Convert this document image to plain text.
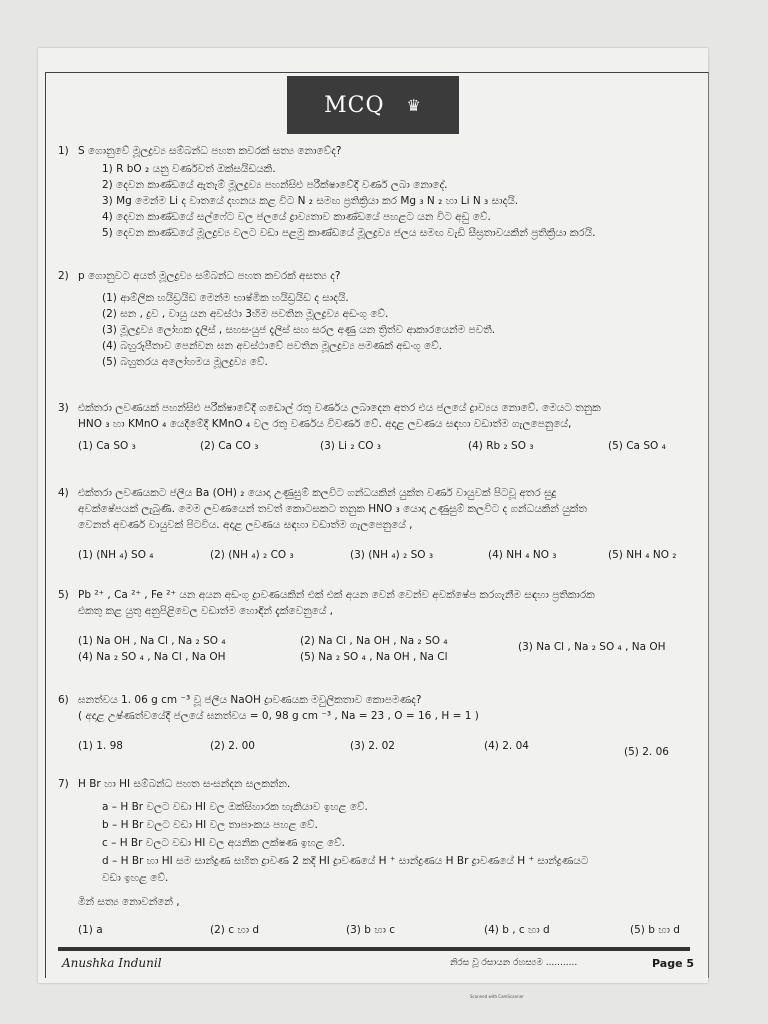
MCQ ♛
1) S ගොනුවේ මූලද්‍රව්‍ය සම්බන්ධ පහත කවරක් සත්‍ය නොවේද?
1) R bO ₂ යනු වර්ණවත් ඔක්සයිඩයකි.
2) දෙවන කාණ්ඩයේ ඇතැම් මූලද්‍රව්‍ය පහන්සිළු පරීක්ෂාවේදී වර්ණ ලබා නොදේ.
3) Mg මෙන්ම Li ද වාතයේ දහනය කළ විට N ₂ සමඟ ප්‍රතික්‍රියා කර Mg ₃ N ₂ හා Li N ₃ සාදයි.
4) දෙවන කාණ්ඩයේ සල්ෆේට වල ජලයේ ද්‍රාව්‍යතාව කාණ්ඩයේ පහළට යන විට අඩු වේ.
5) දෙවන කාණ්ඩයේ මූලද්‍රව්‍ය වලට වඩා පළමු කාණ්ඩයේ මූලද්‍රව්‍ය ජලය සමඟ වැඩි සීඝ්‍රතාවයකින් ප්‍රතික්‍රියා කරයි.
2) p ගොනුවට අයත් මූලද්‍රව්‍ය සම්බන්ධ පහත කවරක් අසත්‍ය ද?
(1) ආම්ලික හයිඩ්‍රයිඩ මෙන්ම භාෂ්මික හයිඩ්‍රයිඩ ද සාදයි.
(2) ඝන , ද්‍රව , වායු යන අවස්ථා 3හිම පවතින මූලද්‍රව්‍ය අඩංගු වේ.
(3) මූලද්‍රව්‍ය ලෝහක දැලිස් , සහසංයුජ දැලිස් සහ සරල අණු යන ත්‍රිත්ව ආකාරයෙන්ම පවතී.
(4) බහුරූපීතාව පෙන්වන ඝන අවස්ථාවේ පවතින මූලද්‍රව්‍ය පමණක් අඩංගු වේ.
(5) බහුතරය අලෝහමය මූලද්‍රව්‍ය වේ.
3) එක්තරා ලවණයක් පහන්සිළු පරීක්ෂාවේදී ගඩොල් රතු වර්ණය ලබාදෙන අතර එය ජලයේ ද්‍රාව්‍යය නොවේ. මෙයට තනුක
HNO ₃ හා KMnO ₄ යෙදීමේදී KMnO ₄ වල රතු වර්ණය විවර්ණ වේ. අදාළ ලවණය සඳහා වඩාත්ම ගැලපෙනුයේ,
(1) Ca SO ₃	(2) Ca CO ₃	(3) Li ₂ CO ₃	(4) Rb ₂ SO ₃	(5) Ca SO ₄
4) එක්තරා ලවණයකට ජලීය Ba (OH) ₂ යොදා උණුසුම් කලවිට ගන්ධයකින් යුක්ත වර්ණ වායුවක් පිටවූ අතර සුදු
අවක්ෂේපයක් ලැබුණි. මෙම ලවණයෙන් තවත් කොටසකට තනුක HNO ₃ යොදා උණුසුම් කලවිට ද ගන්ධයකින් යුක්ත
වෙනත් අවර්ණ වායුවක් පිටවිය. අදාළ ලවණය සඳහා වඩාත්ම ගැලපෙනුයේ ,
(1) (NH ₄) SO ₄	(2) (NH ₄) ₂ CO ₃	(3) (NH ₄) ₂ SO ₃	(4) NH ₄ NO ₃	(5) NH ₄ NO ₂
5) Pb ²⁺ , Ca ²⁺ , Fe ²⁺ යන අයන අඩංගු ද්‍රාවණයකින් එක් එක් අයන වෙන් වෙන්ව අවක්ෂේප කරගැනීම සඳහා ප්‍රතිකාරක
එකතු කළ යුතු අනුපිළිවෙල වඩාත්ම හොඳින් දැක්වෙනුයේ ,
(1) Na OH , Na Cl , Na ₂ SO ₄	(2) Na Cl , Na OH , Na ₂ SO ₄	(3) Na Cl , Na ₂ SO ₄ , Na OH
(4) Na ₂ SO ₄ , Na Cl , Na OH	(5) Na ₂ SO ₄ , Na OH , Na Cl
6) ඝනත්වය 1. 06 g cm ⁻³ වූ ජලීය NaOH ද්‍රාවණයක මවුලිකතාව කොපමණද?
( අදාළ උෂ්ණත්වයේදී ජලයේ ඝනත්වය = 0, 98 g cm ⁻³ , Na = 23 , O = 16 , H = 1 )
(1) 1. 98	(2) 2. 00	(3) 2. 02	(4) 2. 04	(5) 2. 06
7) H Br හා HI සම්බන්ධ පහත සංසන්දන සලකන්න.
a – H Br වලට වඩා HI වල ඔක්සිහාරක හැකියාව ඉහළ වේ.
b – H Br වලට වඩා HI වල තාපාංකය පහළ වේ.
c – H Br වලට වඩා HI වල අයනික ලක්ෂණ ඉහළ වේ.
d – H Br හා HI සම සාන්ද්‍රණ සහිත ද්‍රාවණ 2 කදී HI ද්‍රාවණයේ H ⁺ සාන්ද්‍රණය H Br ද්‍රාවණයේ H ⁺ සාන්ද්‍රණයට
වඩා ඉහළ වේ.
මින් සත්‍ය නොවන්නේ ,
(1) a	(2) c හා d	(3) b හා c	(4) b , c හා d	(5) b හා d
Anushka Indunil	නිරස වූ රසායන රහස්‍යම ...........	Page 5
Scanned with CamScanner
